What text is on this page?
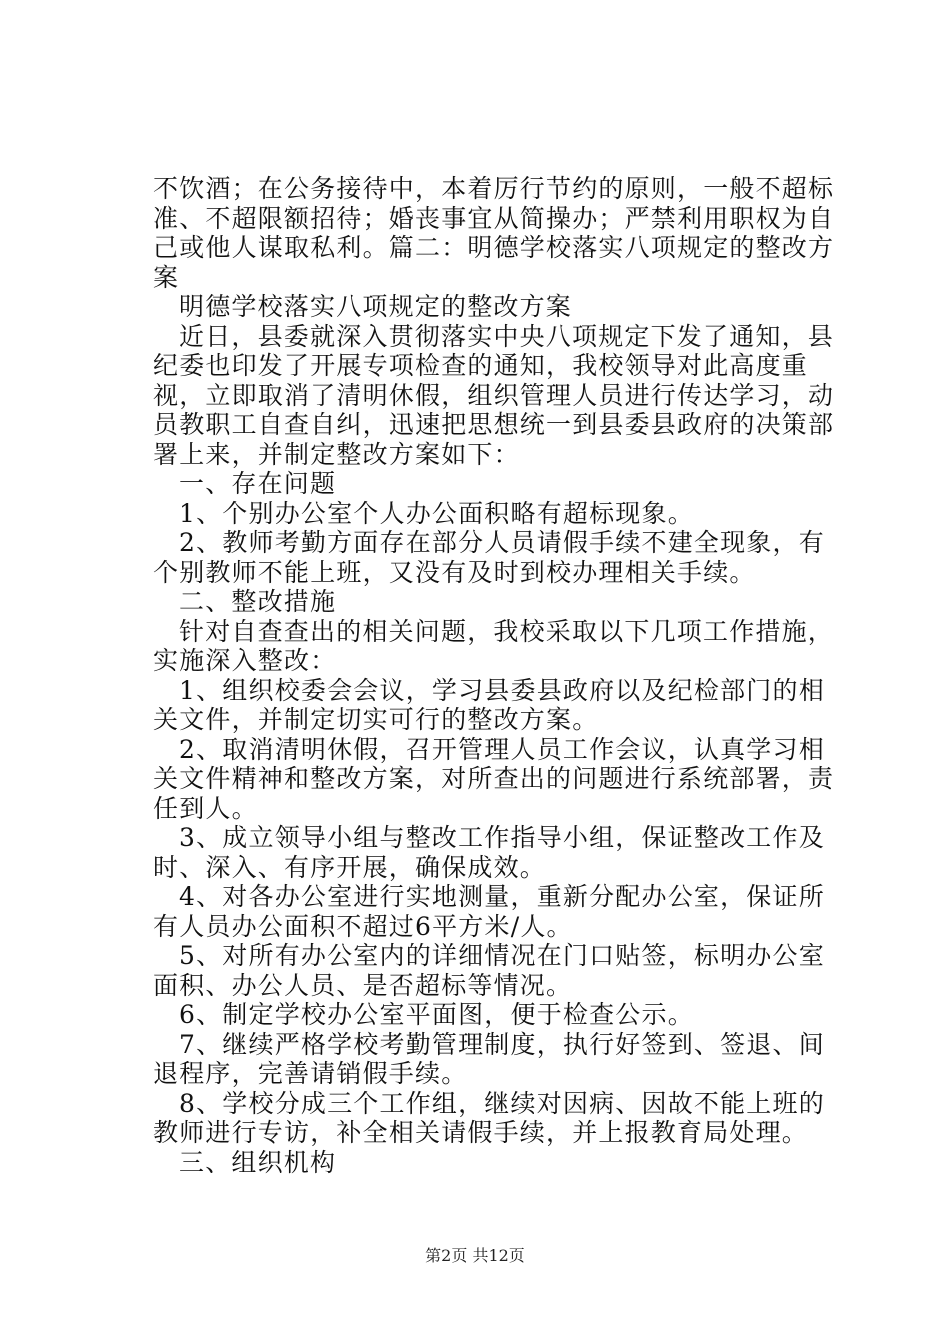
不饮酒；在公务接待中，本着厉行节约的原则，一般不超标准、不超限额招待；婚丧事宜从简操办；严禁利用职权为自己或他人谋取私利。篇二：明德学校落实八项规定的整改方案

明德学校落实八项规定的整改方案

近日，县委就深入贯彻落实中央八项规定下发了通知，县纪委也印发了开展专项检查的通知，我校领导对此高度重视，立即取消了清明休假，组织管理人员进行传达学习，动员教职工自查自纠，迅速把思想统一到县委县政府的决策部署上来，并制定整改方案如下：

一、存在问题

1、个别办公室个人办公面积略有超标现象。

2、教师考勤方面存在部分人员请假手续不建全现象，有个别教师不能上班，又没有及时到校办理相关手续。

二、整改措施

针对自查查出的相关问题，我校采取以下几项工作措施，实施深入整改：

1、组织校委会会议，学习县委县政府以及纪检部门的相关文件，并制定切实可行的整改方案。

2、取消清明休假，召开管理人员工作会议，认真学习相关文件精神和整改方案，对所查出的问题进行系统部署，责任到人。

3、成立领导小组与整改工作指导小组，保证整改工作及时、深入、有序开展，确保成效。

4、对各办公室进行实地测量，重新分配办公室，保证所有人员办公面积不超过6平方米/人。

5、对所有办公室内的详细情况在门口贴签，标明办公室面积、办公人员、是否超标等情况。

6、制定学校办公室平面图，便于检查公示。

7、继续严格学校考勤管理制度，执行好签到、签退、间退程序，完善请销假手续。

8、学校分成三个工作组，继续对因病、因故不能上班的教师进行专访，补全相关请假手续，并上报教育局处理。

三、组织机构

第2页 共12页
